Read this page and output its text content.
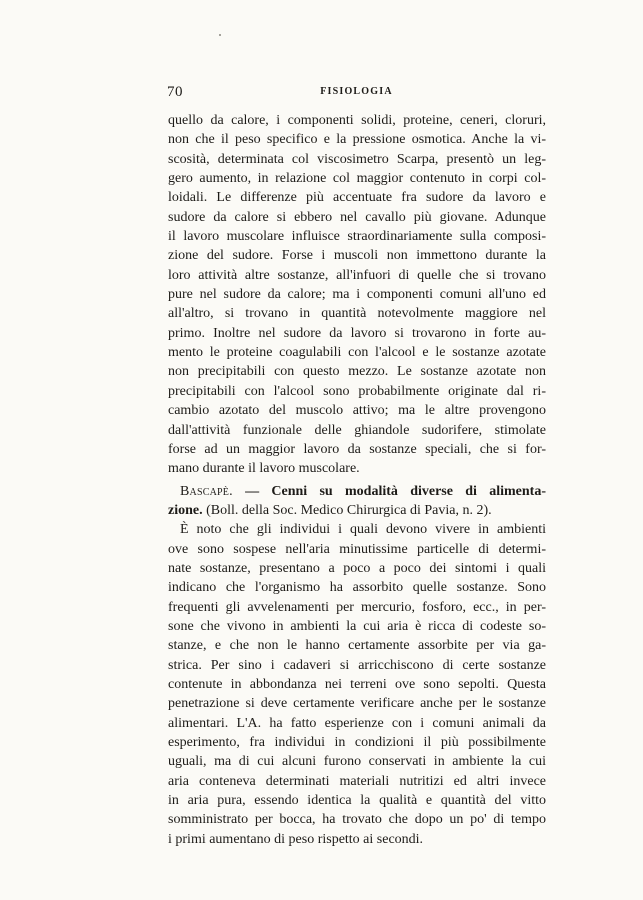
70	FISIOLOGIA
quello da calore, i componenti solidi, proteine, ceneri, cloruri,
non che il peso specifico e la pressione osmotica. Anche la vi-
scosità, determinata col viscosimetro Scarpa, presentò un leg-
gero aumento, in relazione col maggior contenuto in corpi col-
loidali. Le differenze più accentuate fra sudore da lavoro e
sudore da calore si ebbero nel cavallo più giovane. Adunque
il lavoro muscolare influisce straordinariamente sulla composi-
zione del sudore. Forse i muscoli non immettono durante la
loro attività altre sostanze, all'infuori di quelle che si trovano
pure nel sudore da calore; ma i componenti comuni all'uno ed
all'altro, si trovano in quantità notevolmente maggiore nel
primo. Inoltre nel sudore da lavoro si trovarono in forte au-
mento le proteine coagulabili con l'alcool e le sostanze azotate
non precipitabili con questo mezzo. Le sostanze azotate non
precipitabili con l'alcool sono probabilmente originate dal ri-
cambio azotato del muscolo attivo; ma le altre provengono
dall'attività funzionale delle ghiandole sudorifere, stimolate
forse ad un maggior lavoro da sostanze speciali, che si for-
mano durante il lavoro muscolare.
Bascapè. — Cenni su modalità diverse di alimenta-
zione. (Boll. della Soc. Medico Chirurgica di Pavia, n. 2).
È noto che gli individui i quali devono vivere in ambienti
ove sono sospese nell'aria minutissime particelle di determi-
nate sostanze, presentano a poco a poco dei sintomi i quali
indicano che l'organismo ha assorbito quelle sostanze. Sono
frequenti gli avvelenamenti per mercurio, fosforo, ecc., in per-
sone che vivono in ambienti la cui aria è ricca di codeste so-
stanze, e che non le hanno certamente assorbite per via ga-
strica. Per sino i cadaveri si arricchiscono di certe sostanze
contenute in abbondanza nei terreni ove sono sepolti. Questa
penetrazione si deve certamente verificare anche per le sostanze
alimentari. L'A. ha fatto esperienze con i comuni animali da
esperimento, fra individui in condizioni il più possibilmente
uguali, ma di cui alcuni furono conservati in ambiente la cui
aria conteneva determinati materiali nutritizi ed altri invece
in aria pura, essendo identica la qualità e quantità del vitto
somministrato per bocca, ha trovato che dopo un po' di tempo
i primi aumentano di peso rispetto ai secondi.
